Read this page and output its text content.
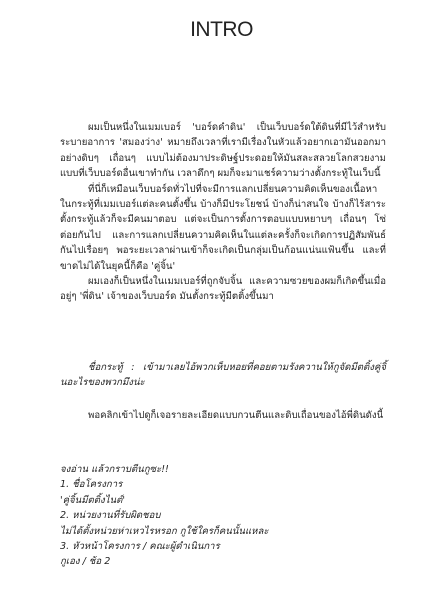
INTRO

ผมเป็นหนึ่งในเมมเบอร์ 'บอร์ดคำดิน' เป็นเว็บบอร์ดใต้ดินที่มีไว้สำหรับระบายอาการ 'สมองว่าง' หมายถึงเวลาที่เรามีเรื่องในหัวแล้วอยากเอามันออกมาอย่างดิบๆ เถื่อนๆ แบบไม่ต้องมาประดิษฐ์ประดอยให้มันสละสลวยโลกสวยงามแบบที่เว็บบอร์ดอื่นเขาทำกัน เวลาดึกๆ ผมก็จะมาแชร์ความว่างตั้งกระทู้ในเว็บนี้

ที่นี่ก็เหมือนเว็บบอร์ดทั่วไปที่จะมีการแลกเปลี่ยนความคิดเห็นของเนื้อหาในกระทู้ที่เมมเบอร์แต่ละคนตั้งขึ้น บ้างก็มีประโยชน์ บ้างก็น่าสนใจ บ้างก็ไร้สาระตั้งกระทู้แล้วก็จะมีคนมาตอบ แต่จะเป็นการตั้งการตอบแบบหยาบๆ เถื่อนๆ โซ่ต่อยกันไป และการแลกเปลี่ยนความคิดเห็นในแต่ละครั้งก็จะเกิดการปฏิสัมพันธ์กันไปเรื่อยๆ พอระยะเวลาผ่านเข้าก็จะเกิดเป็นกลุ่มเป็นก้อนแน่นแฟ้นขึ้น และที่ขาดไม่ได้ในยุคนี้ก็คือ 'คู่จิ้น'

ผมเองก็เป็นหนึ่งในเมมเบอร์ที่ถูกจับจิ้น และความซวยของผมก็เกิดขึ้นเมื่ออยู่ๆ 'พี่ดิน' เจ้าของเว็บบอร์ด มันตั้งกระทู้มีตติ้งขึ้นมา

ชื่อกระทู้ : เข้ามาเลยไอ้พวกเห็บหอยที่คอยตามรังควานให้กูจัดมีตติ้งคู่จิ้นอะไรของพวกมึงน่ะ

พอคลิกเข้าไปดูก็เจอรายละเอียดแบบกวนตีนและดิบเถื่อนของไอ้พี่ดินดังนี้

จงอ่าน แล้วกราบตีนกูซะ!!

1. ชื่อโครงการ

'คู่จิ้นมีตติ้งไนต์'

2. หน่วยงานที่รับผิดชอบ

ไม่ได้ตั้งหน่วยห่าเหวไรหรอก กูใช้ใครก็คนนั้นแหละ

3. หัวหน้าโครงการ / คณะผู้ดำเนินการ

กูเอง / ช้อ 2
